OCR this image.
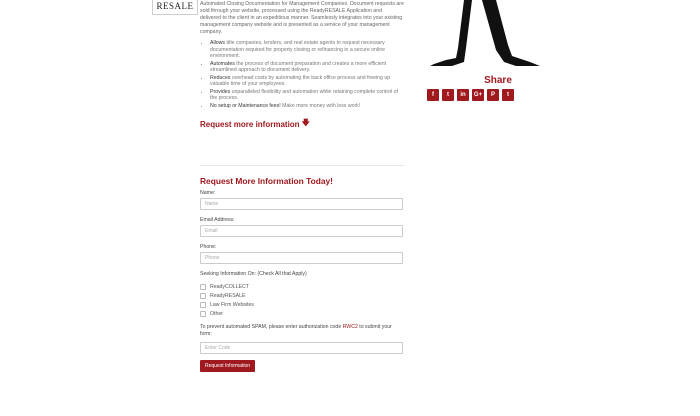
RESALE	Automated Closing Documentation for Management Companies. Document requests are sold through your website, processed using the ReadyRESALE Application and delivered to the client in an expeditious manner. Seamlessly integrates into your existing management company website and is presented as a service of your management company.

• Allows title companies, lenders, and real estate agents to request necessary documentation required for property closing or refinancing in a secure online environment.
• Automates the process of document preparation and creates a more efficient streamlined approach to document delivery.
• Reduces overhead costs by automating the back office process and freeing up valuable time of your employees.
• Provides unparalleled flexibility and automation while retaining complete control of the process.
• No setup or Maintenance fees! Make more money with less work!
Request more information 🡇
Request More Information Today!
Name:
Name
Email Address:
Email
Phone:
Phone
Seeking Information On: (Check All that Apply)
ReadyCOLLECT
ReadyRESALE
Law Firm Websites
Other
To prevent automated SPAM, please enter authorization code RWC2 to submit your form:
Enter Code
Request Information
Share
f	t	in	G+	P	t
